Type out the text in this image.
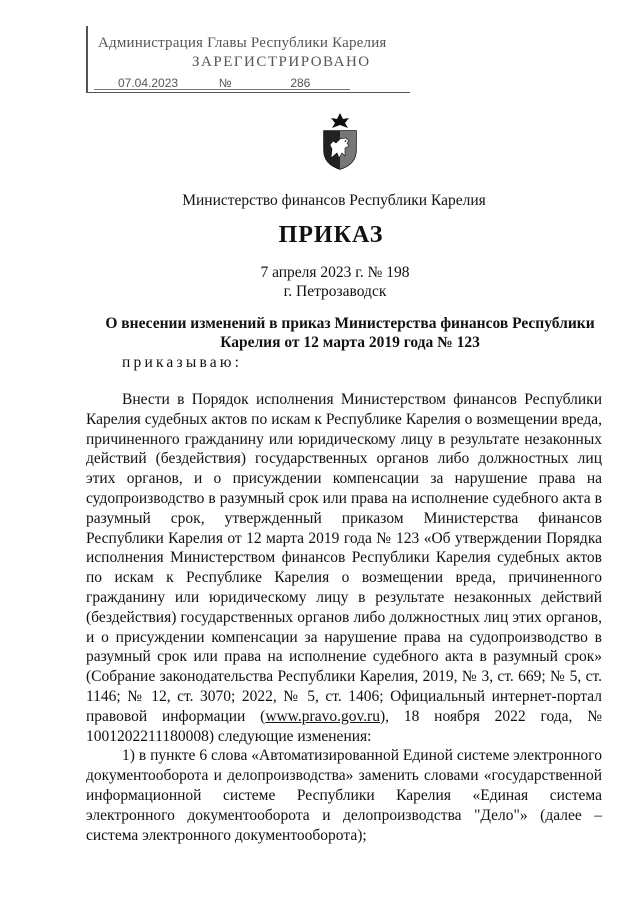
Администрация Главы Республики Карелия
ЗАРЕГИСТРИРОВАНО
07.04.2023	№	286
Министерство финансов Республики Карелия
ПРИКАЗ
7 апреля 2023 г. № 198
г. Петрозаводск
О внесении изменений в приказ Министерства финансов Республики Карелия от 12 марта 2019 года № 123
приказываю:

Внести в Порядок исполнения Министерством финансов Республики Карелия судебных актов по искам к Республике Карелия о возмещении вреда, причиненного гражданину или юридическому лицу в результате незаконных действий (бездействия) государственных органов либо должностных лиц этих органов, и о присуждении компенсации за нарушение права на судопроизводство в разумный срок или права на исполнение судебного акта в разумный срок, утвержденный приказом Министерства финансов Республики Карелия от 12 марта 2019 года № 123 «Об утверждении Порядка исполнения Министерством финансов Республики Карелия судебных актов по искам к Республике Карелия о возмещении вреда, причиненного гражданину или юридическому лицу в результате незаконных действий (бездействия) государственных органов либо должностных лиц этих органов, и о присуждении компенсации за нарушение права на судопроизводство в разумный срок или права на исполнение судебного акта в разумный срок» (Собрание законодательства Республики Карелия, 2019, № 3, ст. 669; № 5, ст. 1146; № 12, ст. 3070; 2022, № 5, ст. 1406; Официальный интернет-портал правовой информации (www.pravo.gov.ru), 18 ноября 2022 года, № 1001202211180008) следующие изменения:

1) в пункте 6 слова «Автоматизированной Единой системе электронного документооборота и делопроизводства» заменить словами «государственной информационной системе Республики Карелия «Единая система электронного документооборота и делопроизводства "Дело"» (далее – система электронного документооборота);
